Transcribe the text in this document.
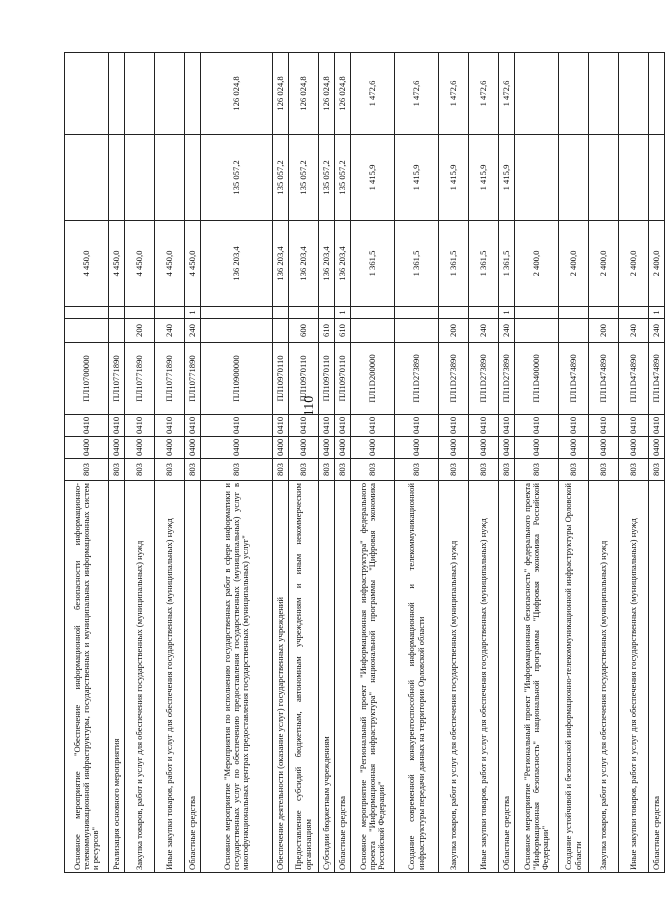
110
Основное мероприятие "Обеспечение информационной безопасности информационно-телекоммуникационной инфраструктуры, государственных и муниципальных информационных систем и ресурсов"	803	0400	0410	ПЛ10700000			4 450,0		
Реализация основного мероприятия	803	0400	0410	ПЛ10771890			4 450,0		
Закупка товаров, работ и услуг для обеспечения государственных (муниципальных) нужд	803	0400	0410	ПЛ10771890	200		4 450,0		
Иные закупки товаров, работ и услуг для обеспечения государственных (муниципальных) нужд	803	0400	0410	ПЛ10771890	240		4 450,0		
Областные средства	803	0400	0410	ПЛ10771890	240	1	4 450,0		
Основное мероприятие "Мероприятия по исполнению государственных работ в сфере информатики и государственных услуг по обеспечению предоставления государственных (муниципальных) услуг в многофункциональных центрах предоставления государственных (муниципальных) услуг"	803	0400	0410	ПЛ10900000			136 203,4	135 057,2	126 024,8
Обеспечение деятельности (оказание услуг) государственных учреждений	803	0400	0410	ПЛ10970110			136 203,4	135 057,2	126 024,8
Предоставление субсидий бюджетным, автономным учреждениям и иным некоммерческим организациям	803	0400	0410	ПЛ10970110	600		136 203,4	135 057,2	126 024,8
Субсидии бюджетным учреждениям	803	0400	0410	ПЛ10970110	610		136 203,4	135 057,2	126 024,8
Областные средства	803	0400	0410	ПЛ10970110	610	1	136 203,4	135 057,2	126 024,8
Основное мероприятие "Региональный проект "Информационная инфраструктура" федерального проекта "Информационная инфраструктура" национальной программы "Цифровая экономика Российской Федерации"	803	0400	0410	ПЛ1D200000			1 361,5	1 415,9	1 472,6
Создание современной конкурентоспособной информационной и телекоммуникационной инфраструктуры передачи данных на территории Орловской области	803	0400	0410	ПЛ1D273890			1 361,5	1 415,9	1 472,6
Закупка товаров, работ и услуг для обеспечения государственных (муниципальных) нужд	803	0400	0410	ПЛ1D273890	200		1 361,5	1 415,9	1 472,6
Иные закупки товаров, работ и услуг для обеспечения государственных (муниципальных) нужд	803	0400	0410	ПЛ1D273890	240		1 361,5	1 415,9	1 472,6
Областные средства	803	0400	0410	ПЛ1D273890	240	1	1 361,5	1 415,9	1 472,6
Основное мероприятие "Региональный проект "Информационная безопасность" федерального проекта "Информационная безопасность" национальной программы "Цифровая экономика Российской Федерации"	803	0400	0410	ПЛ1D400000			2 400,0		
Создание устойчивой и безопасной информационно-телекоммуникационной инфраструктуры Орловской области	803	0400	0410	ПЛ1D474890			2 400,0		
Закупка товаров, работ и услуг для обеспечения государственных (муниципальных) нужд	803	0400	0410	ПЛ1D474890	200		2 400,0		
Иные закупки товаров, работ и услуг для обеспечения государственных (муниципальных) нужд	803	0400	0410	ПЛ1D474890	240		2 400,0		
Областные средства	803	0400	0410	ПЛ1D474890	240	1	2 400,0		
